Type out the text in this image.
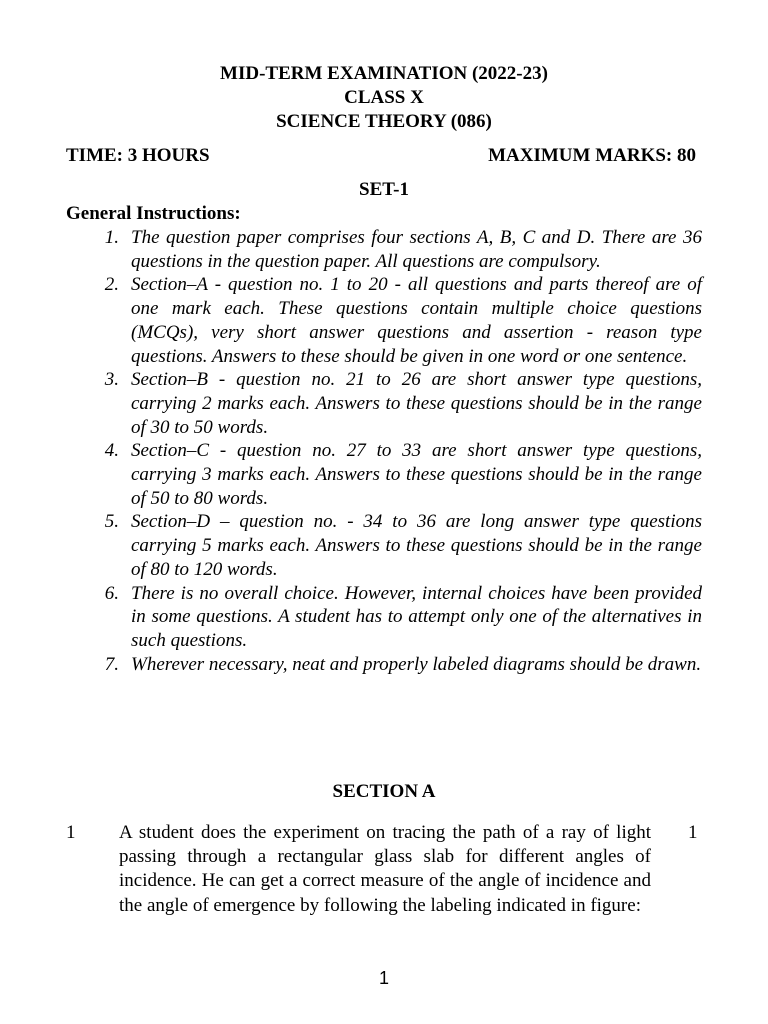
MID-TERM EXAMINATION (2022-23)
CLASS X
SCIENCE THEORY (086)
TIME: 3 HOURS	MAXIMUM MARKS: 80
SET-1
General Instructions:
1. The question paper comprises four sections A, B, C and D. There are 36 questions in the question paper. All questions are compulsory.
2. Section–A - question no. 1 to 20 - all questions and parts thereof are of one mark each. These questions contain multiple choice questions (MCQs), very short answer questions and assertion - reason type questions. Answers to these should be given in one word or one sentence.
3. Section–B - question no. 21 to 26 are short answer type questions, carrying 2 marks each. Answers to these questions should be in the range of 30 to 50 words.
4. Section–C - question no. 27 to 33 are short answer type questions, carrying 3 marks each. Answers to these questions should be in the range of 50 to 80 words.
5. Section–D – question no. - 34 to 36 are long answer type questions carrying 5 marks each. Answers to these questions should be in the range of 80 to 120 words.
6. There is no overall choice. However, internal choices have been provided in some questions. A student has to attempt only one of the alternatives in such questions.
7. Wherever necessary, neat and properly labeled diagrams should be drawn.
SECTION A
1 A student does the experiment on tracing the path of a ray of light passing through a rectangular glass slab for different angles of incidence. He can get a correct measure of the angle of incidence and the angle of emergence by following the labeling indicated in figure:
1
1
